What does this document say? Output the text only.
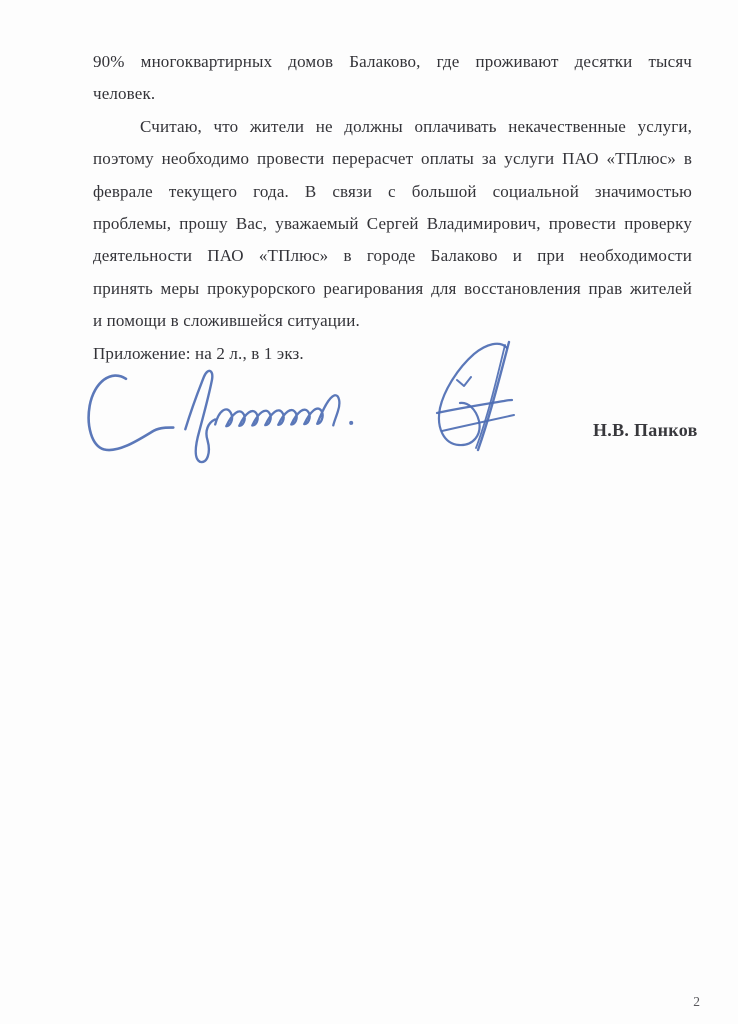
90% многоквартирных домов Балаково, где проживают десятки тысяч
человек.
Считаю, что жители не должны оплачивать некачественные услуги,
поэтому необходимо провести перерасчет оплаты за услуги ПАО «ТПлюс» в
феврале текущего года. В связи с большой социальной значимостью
проблемы, прошу Вас, уважаемый Сергей Владимирович, провести проверку
деятельности ПАО «ТПлюс» в городе Балаково и при необходимости
принять меры прокурорского реагирования для восстановления прав жителей
и помощи в сложившейся ситуации.
Приложение: на 2 л., в 1 экз.
Н.В. Панков
2
